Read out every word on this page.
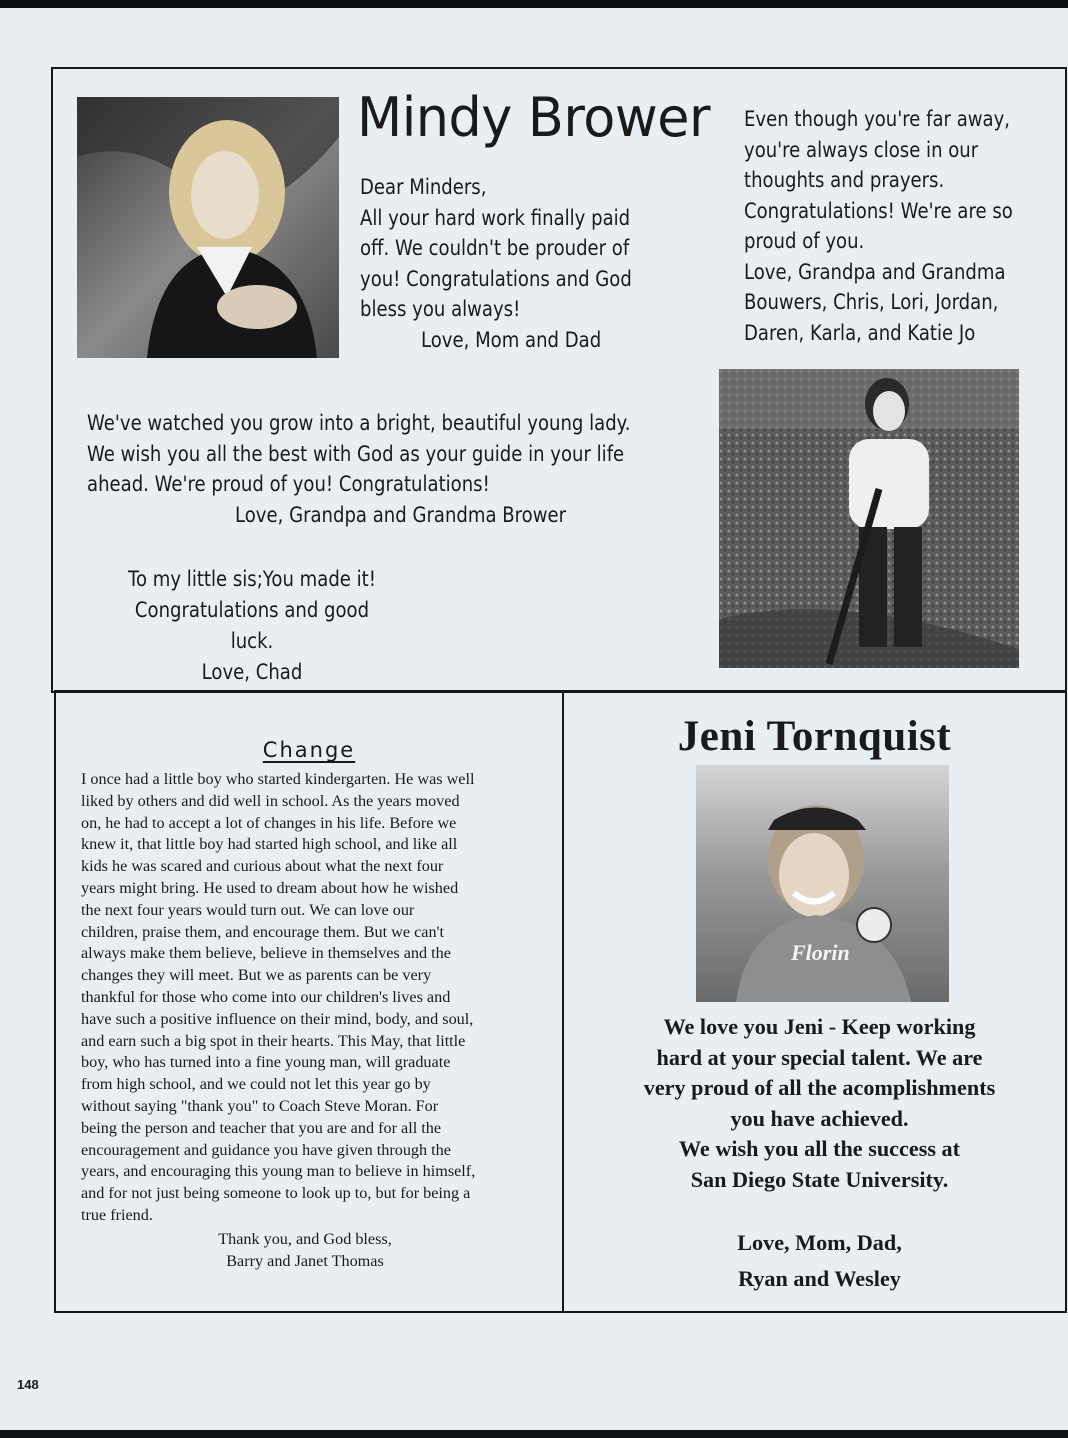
Mindy Brower

Dear Minders,
All your hard work finally paid
off. We couldn't be prouder of
you! Congratulations and God
bless you always!

Love, Mom and Dad

Even though you're far away,
you're always close in our
thoughts and prayers.
Congratulations! We're are so
proud of you.
Love, Grandpa and Grandma
Bouwers, Chris, Lori, Jordan,
Daren, Karla, and Katie Jo

We've watched you grow into a bright, beautiful young lady.
We wish you all the best with God as your guide in your life
ahead. We're proud of you! Congratulations!

Love, Grandpa and Grandma Brower

To my little sis;You made it!
Congratulations and good luck.
Love, Chad

Change

I once had a little boy who started kindergarten. He was well
liked by others and did well in school. As the years moved
on, he had to accept a lot of changes in his life. Before we
knew it, that little boy had started high school, and like all
kids he was scared and curious about what the next four
years might bring. He used to dream about how he wished
the next four years would turn out. We can love our
children, praise them, and encourage them. But we can't
always make them believe, believe in themselves and the
changes they will meet. But we as parents can be very
thankful for those who come into our children's lives and
have such a positive influence on their mind, body, and soul,
and earn such a big spot in their hearts. This May, that little
boy, who has turned into a fine young man, will graduate
from high school, and we could not let this year go by
without saying "thank you" to Coach Steve Moran. For
being the person and teacher that you are and for all the
encouragement and guidance you have given through the
years, and encouraging this young man to believe in himself,
and for not just being someone to look up to, but for being a
true friend.

Thank you, and God bless,
Barry and Janet Thomas

Jeni Tornquist
Florin

We love you Jeni - Keep working
hard at your special talent. We are
very proud of all the acomplishments
you have achieved.
We wish you all the success at
San Diego State University.

Love, Mom, Dad,
Ryan and Wesley

148
